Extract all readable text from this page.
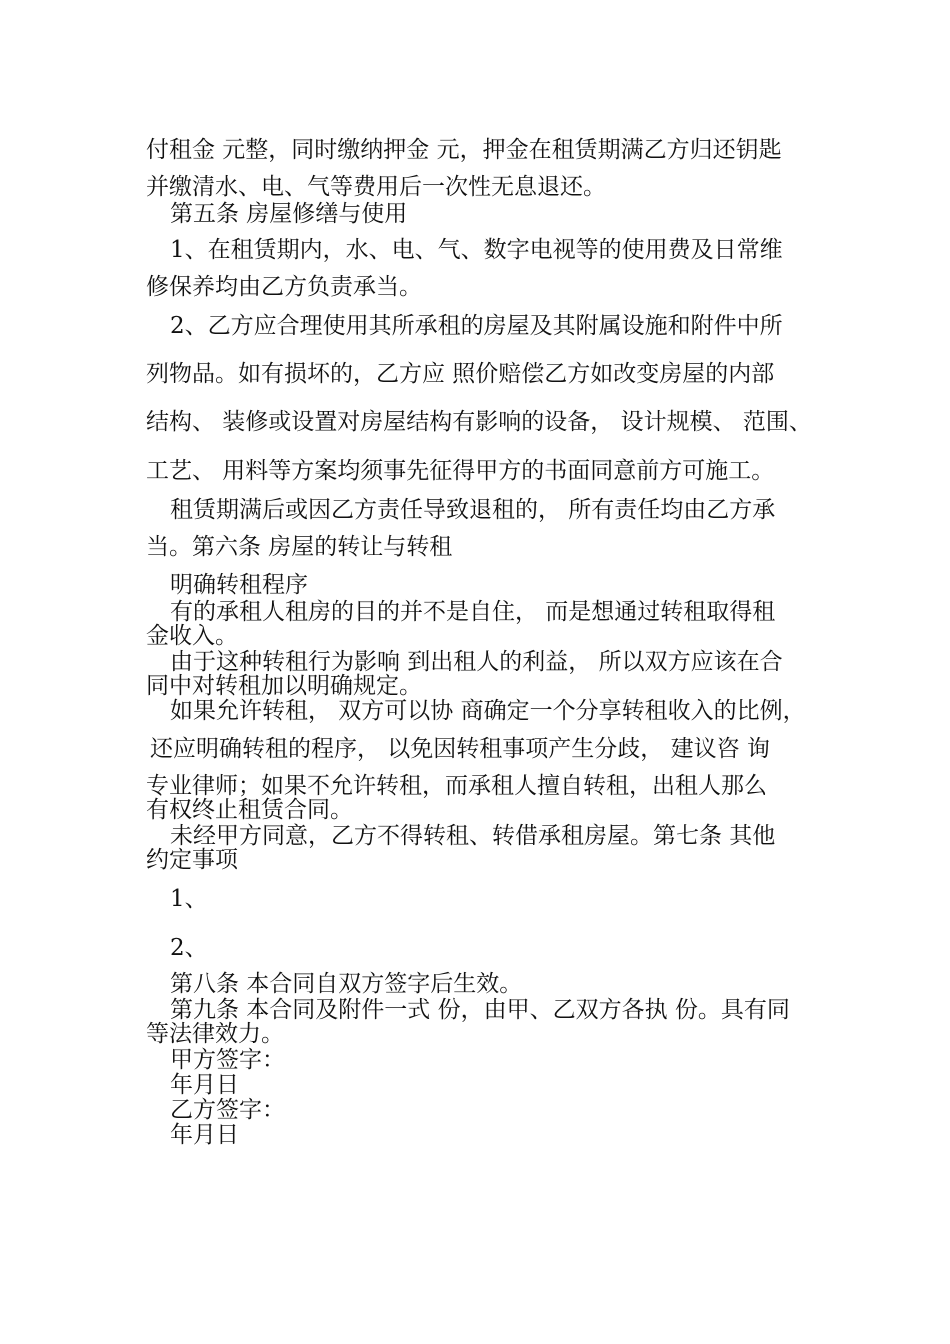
付租金 元整，同时缴纳押金 元，押金在租赁期满乙方归还钥匙
并缴清水、电、气等费用后一次性无息退还。
第五条 房屋修缮与使用
1、在租赁期内，水、电、气、数字电视等的使用费及日常维
修保养均由乙方负责承当。
2、乙方应合理使用其所承租的房屋及其附属设施和附件中所
列物品。如有损坏的，乙方应 照价赔偿乙方如改变房屋的内部
结构、 装修或设置对房屋结构有影响的设备， 设计规模、 范围、
工艺、 用料等方案均须事先征得甲方的书面同意前方可施工。
租赁期满后或因乙方责任导致退租的， 所有责任均由乙方承
当。第六条 房屋的转让与转租
明确转租程序
有的承租人租房的目的并不是自住， 而是想通过转租取得租
金收入。
由于这种转租行为影响 到出租人的利益， 所以双方应该在合
同中对转租加以明确规定。
如果允许转租， 双方可以协 商确定一个分享转租收入的比例，
还应明确转租的程序， 以免因转租事项产生分歧， 建议咨 询
专业律师；如果不允许转租，而承租人擅自转租，出租人那么
有权终止租赁合同。
未经甲方同意，乙方不得转租、转借承租房屋。第七条 其他
约定事项
1、
2、
第八条 本合同自双方签字后生效。
第九条 本合同及附件一式 份，由甲、乙双方各执 份。具有同
等法律效力。
甲方签字：
年月日
乙方签字：
年月日
